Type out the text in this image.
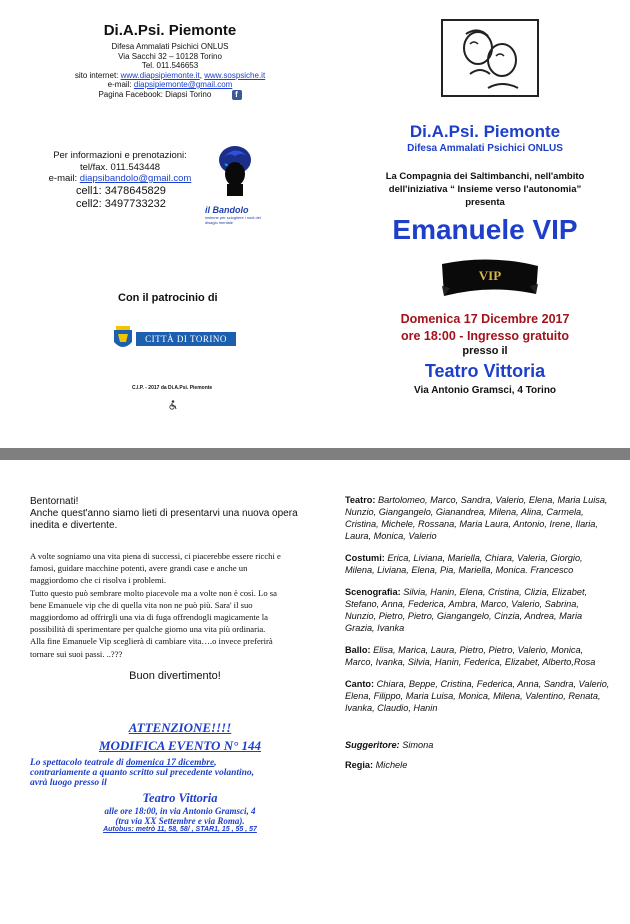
Di.A.Psi. Piemonte
Difesa Ammalati Psichici ONLUS
Via Sacchi 32 – 10128 Torino
Tel. 011.546653
sito internet: www.diapsipiemonte.it, www.sospsiche.it
e-mail: diapsipiemonte@gmail.com
Pagina Facebook: Diapsi Torino	f
Per informazioni e prenotazioni:
tel/fax. 011.543448
e-mail: diapsibandolo@gmail.com
cell1: 3478645829
cell2: 3497733232
il Bandolo
insieme per sciogliere i nodi del disagio mentale
Con il patrocinio di
CITTÀ DI TORINO
C.I.P. - 2017 da Di.A.Psi. Piemonte
Di.A.Psi. Piemonte
Difesa Ammalati Psichici ONLUS
La Compagnia dei Saltimbanchi, nell'ambito
dell'iniziativa “ Insieme verso l'autonomia”
presenta
Emanuele VIP
VIP
Domenica 17 Dicembre 2017
ore 18:00 - Ingresso gratuito
presso il
Teatro Vittoria
Via Antonio Gramsci, 4 Torino
Bentornati!
Anche quest'anno siamo lieti di presentarvi una nuova opera
inedita e divertente.
A volte sogniamo una vita piena di successi, ci piacerebbe essere ricchi e
famosi, guidare macchine potenti, avere grandi case e anche un
maggiordomo che ci risolva i problemi.
Tutto questo può sembrare molto piacevole ma a volte non è così. Lo sa
bene Emanuele vip che di quella vita non ne può più. Sara' il suo
maggiordomo ad offrirgli una via di fuga offrendogli magicamente la
possibilità di sperimentare per qualche giorno una vita più ordinaria.
Alla fine Emanuele Vip sceglierà di cambiare vita….o invece preferirà
tornare sui suoi passi. ..???
Buon divertimento!
ATTENZIONE!!!!
MODIFICA EVENTO N° 144
Lo spettacolo teatrale di domenica 17 dicembre,
contrariamente a quanto scritto sul precedente volantino,
avrà luogo presso il
Teatro Vittoria
alle ore 18:00, in via Antonio Gramsci, 4
(tra via XX Settembre e via Roma).
Autobus: metrò 11, 58, 58/ , STAR1, 15 , 55 , 57

Teatro: Bartolomeo, Marco, Sandra, Valerio, Elena, Maria Luisa, Nunzio, Giangangelo, Gianandrea, Milena, Alina, Carmela, Cristina, Michele, Rossana, Maria Laura, Antonio, Irene, Ilaria, Laura, Monica, Valerio

Costumi: Erica, Liviana, Mariella, Chiara, Valeria, Giorgio, Milena, Liviana, Elena, Pia, Mariella, Monica. Francesco

Scenografia: Silvia, Hanin, Elena, Cristina, Clizia, Elizabet, Stefano, Anna, Federica, Ambra, Marco, Valerio, Sabrina, Nunzio, Pietro, Pietro, Giangangelo, Cinzia, Andrea, Maria Grazia, Ivanka

Ballo: Elisa, Marica, Laura, Pietro, Pietro, Valerio, Monica, Marco, Ivanka, Silvia, Hanin, Federica, Elizabet, Alberto,Rosa

Canto: Chiara, Beppe, Cristina, Federica, Anna, Sandra, Valerio, Elena, Filippo, Maria Luisa, Monica, Milena, Valentino, Renata, Ivanka, Claudio, Hanin

Suggeritore: Simona
Regia: Michele
